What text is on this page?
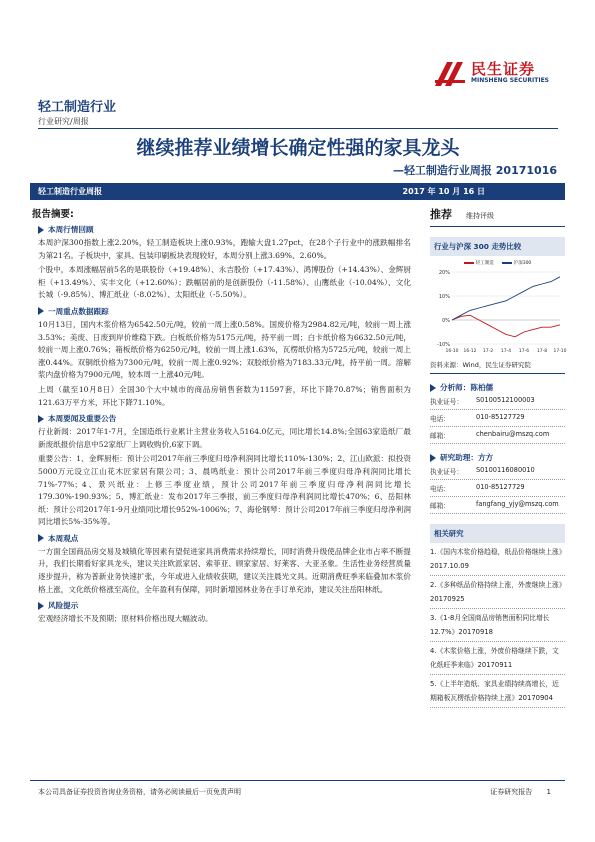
民生证券
MINSHENG SECURITIES
轻工制造行业
行业研究/周报
继续推荐业绩增长确定性强的家具龙头
—轻工制造行业周报 20171016
轻工制造行业周报	2017 年 10 月 16 日
报告摘要:
本周行情回顾
本周沪深300指数上涨2.20%，轻工制造板块上涨0.93%，跑输大盘1.27pct，在28个子行业中的涨跌幅排名为第21名。子板块中，家具、包装印刷板块表现较好，本周分别上涨3.69%、2.60%。
个股中，本周涨幅居前5名的是联股份（+19.48%）、永吉股份（+17.43%）、鸿博股份（+14.43%）、金辉厨柜（+13.49%）、实丰文化（+12.60%）；跌幅居前的是创新股份（-11.58%）、山鹰纸业（-10.04%）、文化长城（-9.85%）、博汇纸业（-8.02%）、太阳纸业（-5.50%）。
一周重点数据跟踪
10月13日，国内木浆价格为6542.50元/吨，较前一周上涨0.58%。国废价格为2984.82元/吨，较前一周上涨3.53%；美废、日废到岸价维稳下跌。白板纸价格为5175元/吨，持平前一周；白卡纸价格为6632.50元/吨，较前一周上涨0.76%；箱板纸价格为6250元/吨，较前一周上涨1.63%，瓦楞纸价格为5725元/吨，较前一周上涨0.44%。双铜纸价格为7300元/吨，较前一周上涨0.92%；双胶纸价格为7183.33元/吨，持平前一周。溶解浆内盘价格为7900元/吨，较本周一上涨40元/吨。
上周（截至10月8日）全国30个大中城市的商品房销售套数为11597套，环比下降70.87%；销售面积为121.63万平方米，环比下降71.10%。
本周要闻及重要公告
行业新闻：2017年1-7月，全国造纸行业累计主营业务收入5164.0亿元，同比增长14.8%;全国63家造纸厂最新废纸报价信息中52家纸厂上调收购价,6家下调。
重要公告：1、金辉厨柜：预计公司2017年前三季度归母净利润同比增长110%-130%；2、江山欧派：拟投资5000万元设立江山花木匠家居有限公司；3、晨鸣纸业：预计公司2017年前三季度归母净利润同比增长71%-77%；4、景兴纸业：上修三季度业绩，预计公司2017年前三季度归母净利润同比增长179.30%-190.93%；5、博汇纸业：发布2017年三季报，前三季度归母净利润同比增长470%；6、岳阳林纸：预计公司2017年1-9月业绩同比增长952%-1006%；7、海伦钢琴：预计公司2017年前三季度归母净利润同比增长5%-35%等。
本周观点
一方面全国商品房交易及城镇化等因素有望促进家具消费需求持续增长，同时消费升级使品牌企业市占率不断提升，我们长期看好家具龙头，建议关注欧派家居、索菲亚、顾家家居、好莱客、大亚圣象。生活性业务经营质量逐步提升，称为普新业务快速扩张，今年或进入业绩收获期，建议关注晨光文具。近期消费旺季来临叠加木浆价格上涨，文化纸价格涨至高位，全年盈利有保障，同时新增园林业务在手订单充沛，建议关注岳阳林纸。
风险提示
宏观经济增长不及预期；原材料价格出现大幅波动。
推荐 维持评级
行业与沪深 300 走势比较
轻工制造	沪深300
20%
10%
0%
-10%
16-10 16-12 17-2 17-4 17-6 17-8 17-10
资料来源：Wind，民生证券研究院
分析师：陈柏儒
执业证号：	S0100512100003
电话：	010-85127729
邮箱：	chenbairu@mszq.com
研究助理：方方
执业证号：	S0100116080010
电话：	010-85127729
邮箱：	fangfang_yjy@mszq.com
相关研究
1.《国内木浆价格趋稳，纸品价格继续上涨》2017.10.09
2.《多种纸品价格持续上涨，外废继续上涨》20170925
3.《1-8月全国商品房销售面积同比增长12.7%》20170918
4.《木浆价格上涨，外废价格继续下跌，文化纸旺季来临》20170911
5.《上半年造纸、家具业绩持续高增长，近期箱板瓦楞纸价格持续上涨》20170904
本公司具备证券投资咨询业务资格，请务必阅读最后一页免责声明	证券研究报告 1
